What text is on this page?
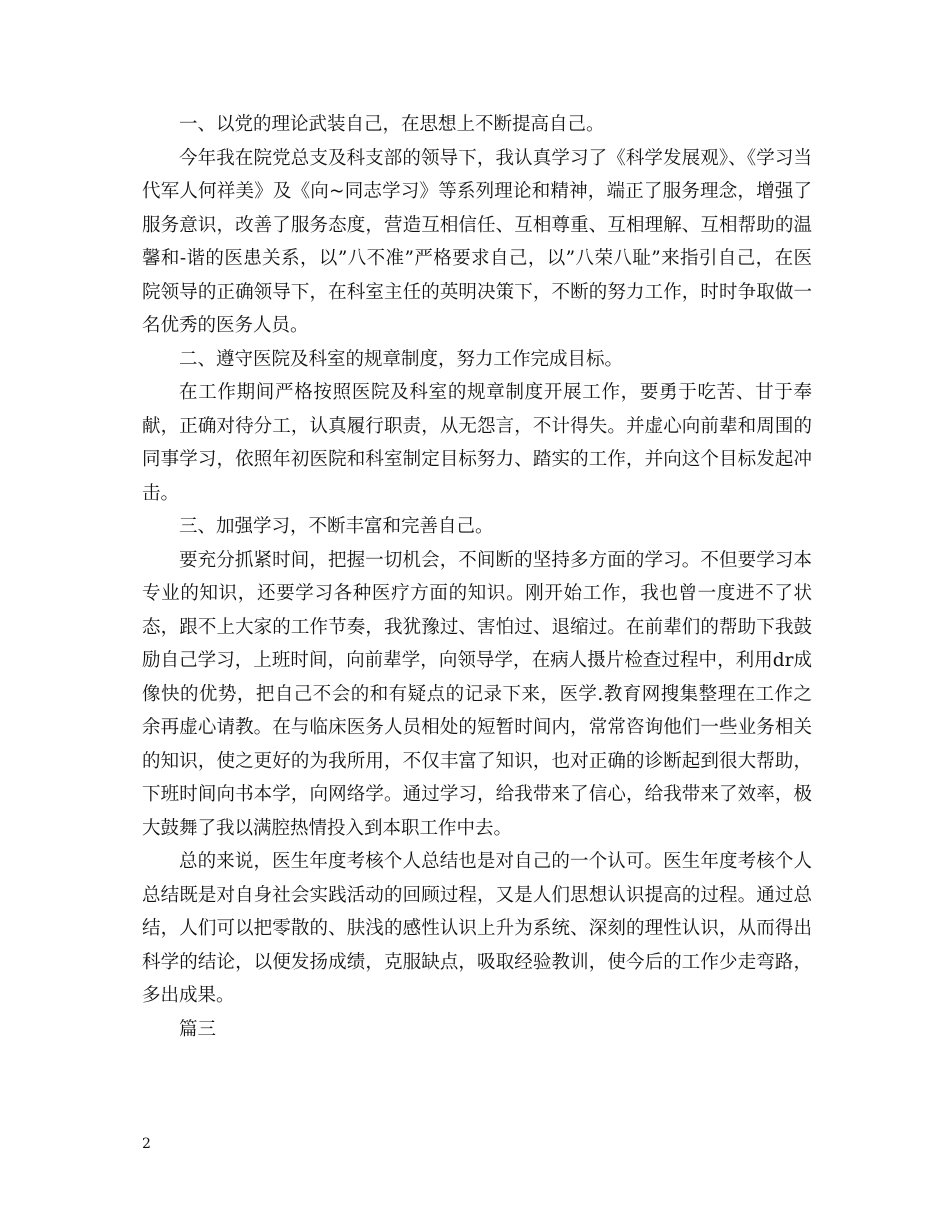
一、以党的理论武装自己，在思想上不断提高自己。

今年我在院党总支及科支部的领导下，我认真学习了《科学发展观》、《学习当代军人何祥美》及《向~同志学习》等系列理论和精神，端正了服务理念，增强了服务意识，改善了服务态度，营造互相信任、互相尊重、互相理解、互相帮助的温馨和-谐的医患关系，以”八不准”严格要求自己，以”八荣八耻”来指引自己，在医院领导的正确领导下，在科室主任的英明决策下，不断的努力工作，时时争取做一名优秀的医务人员。

二、遵守医院及科室的规章制度，努力工作完成目标。

在工作期间严格按照医院及科室的规章制度开展工作，要勇于吃苦、甘于奉献，正确对待分工，认真履行职责，从无怨言，不计得失。并虚心向前辈和周围的同事学习，依照年初医院和科室制定目标努力、踏实的工作，并向这个目标发起冲击。

三、加强学习，不断丰富和完善自己。

要充分抓紧时间，把握一切机会，不间断的坚持多方面的学习。不但要学习本专业的知识，还要学习各种医疗方面的知识。刚开始工作，我也曾一度进不了状态，跟不上大家的工作节奏，我犹豫过、害怕过、退缩过。在前辈们的帮助下我鼓励自己学习，上班时间，向前辈学，向领导学，在病人摄片检查过程中，利用dr成像快的优势，把自己不会的和有疑点的记录下来，医学.教育网搜集整理在工作之余再虚心请教。在与临床医务人员相处的短暂时间内，常常咨询他们一些业务相关的知识，使之更好的为我所用，不仅丰富了知识，也对正确的诊断起到很大帮助，下班时间向书本学，向网络学。通过学习，给我带来了信心，给我带来了效率，极大鼓舞了我以满腔热情投入到本职工作中去。

总的来说，医生年度考核个人总结也是对自己的一个认可。医生年度考核个人总结既是对自身社会实践活动的回顾过程，又是人们思想认识提高的过程。通过总结，人们可以把零散的、肤浅的感性认识上升为系统、深刻的理性认识，从而得出科学的结论，以便发扬成绩，克服缺点，吸取经验教训，使今后的工作少走弯路，多出成果。

篇三

2
